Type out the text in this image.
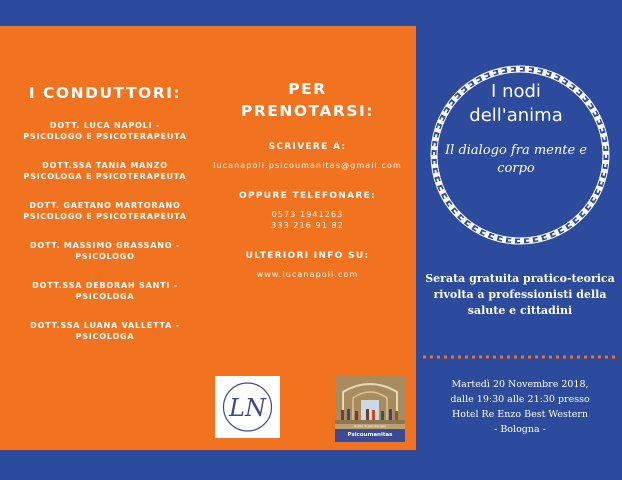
I CONDUTTORI:
DOTT. LUCA NAPOLI -
PSICOLOGO E PSICOTERAPEUTA
DOTT.SSA TANIA MANZO
PSICOLOGA E PSICOTERAPEUTA
DOTT. GAETANO MARTORANO
PSICOLOGO E PSICOTERAPEUTA
DOTT. MASSIMO GRASSANO -
PSICOLOGO
DOTT.SSA DEBORAH SANTI -
PSICOLOGA
DOTT.SSA LUANA VALLETTA -
PSICOLOGA
PER
PRENOTARSI:

SCRIVERE A:

lucanapoli.psicoumanitas@gmail.com

OPPURE TELEFONARE:

0573 1941263
333 216 91 82

ULTERIORI INFO SU:

www.lucanapoli.com

LN
studio di psicoterapia
Psicoumanitas
I nodi
dell'anima
Il dialogo fra mente e
corpo
Serata gratuita pratico-teorica
rivolta a professionisti della
salute e cittadini
Martedì 20 Novembre 2018,
dalle 19:30 alle 21:30 presso
Hotel Re Enzo Best Western
- Bologna -
